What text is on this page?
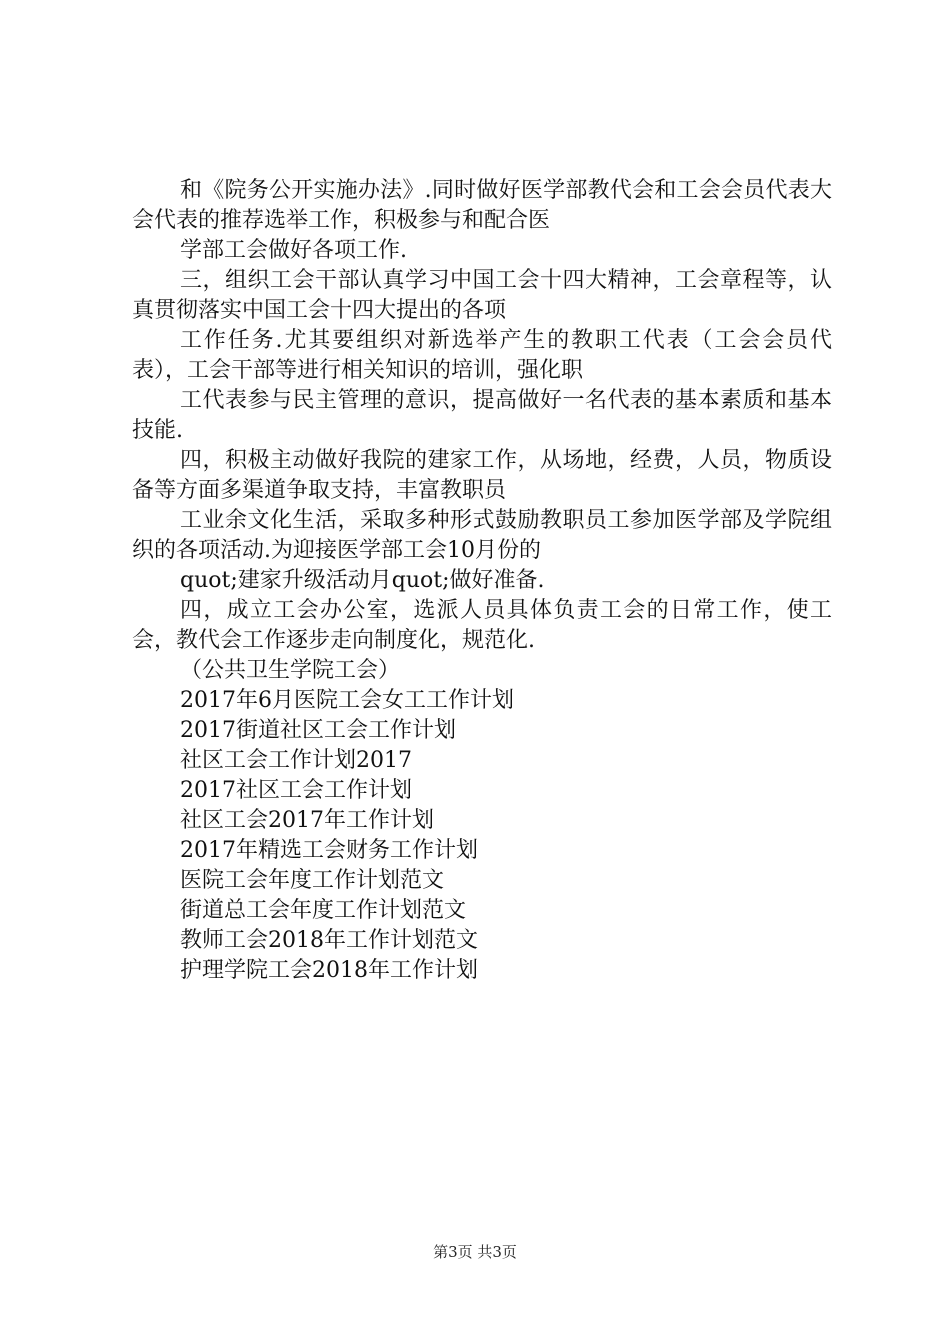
和《院务公开实施办法》.同时做好医学部教代会和工会会员代表大会代表的推荐选举工作，积极参与和配合医

学部工会做好各项工作.

三，组织工会干部认真学习中国工会十四大精神，工会章程等，认真贯彻落实中国工会十四大提出的各项

工作任务.尤其要组织对新选举产生的教职工代表（工会会员代表），工会干部等进行相关知识的培训，强化职

工代表参与民主管理的意识，提高做好一名代表的基本素质和基本技能.

四，积极主动做好我院的建家工作，从场地，经费，人员，物质设备等方面多渠道争取支持，丰富教职员

工业余文化生活，采取多种形式鼓励教职员工参加医学部及学院组织的各项活动.为迎接医学部工会10月份的

quot;建家升级活动月quot;做好准备.

四，成立工会办公室，选派人员具体负责工会的日常工作，使工会，教代会工作逐步走向制度化，规范化.

（公共卫生学院工会）

2017年6月医院工会女工工作计划
2017街道社区工会工作计划
社区工会工作计划2017
2017社区工会工作计划
社区工会2017年工作计划
2017年精选工会财务工作计划
医院工会年度工作计划范文
街道总工会年度工作计划范文
教师工会2018年工作计划范文
护理学院工会2018年工作计划
第3页 共3页
